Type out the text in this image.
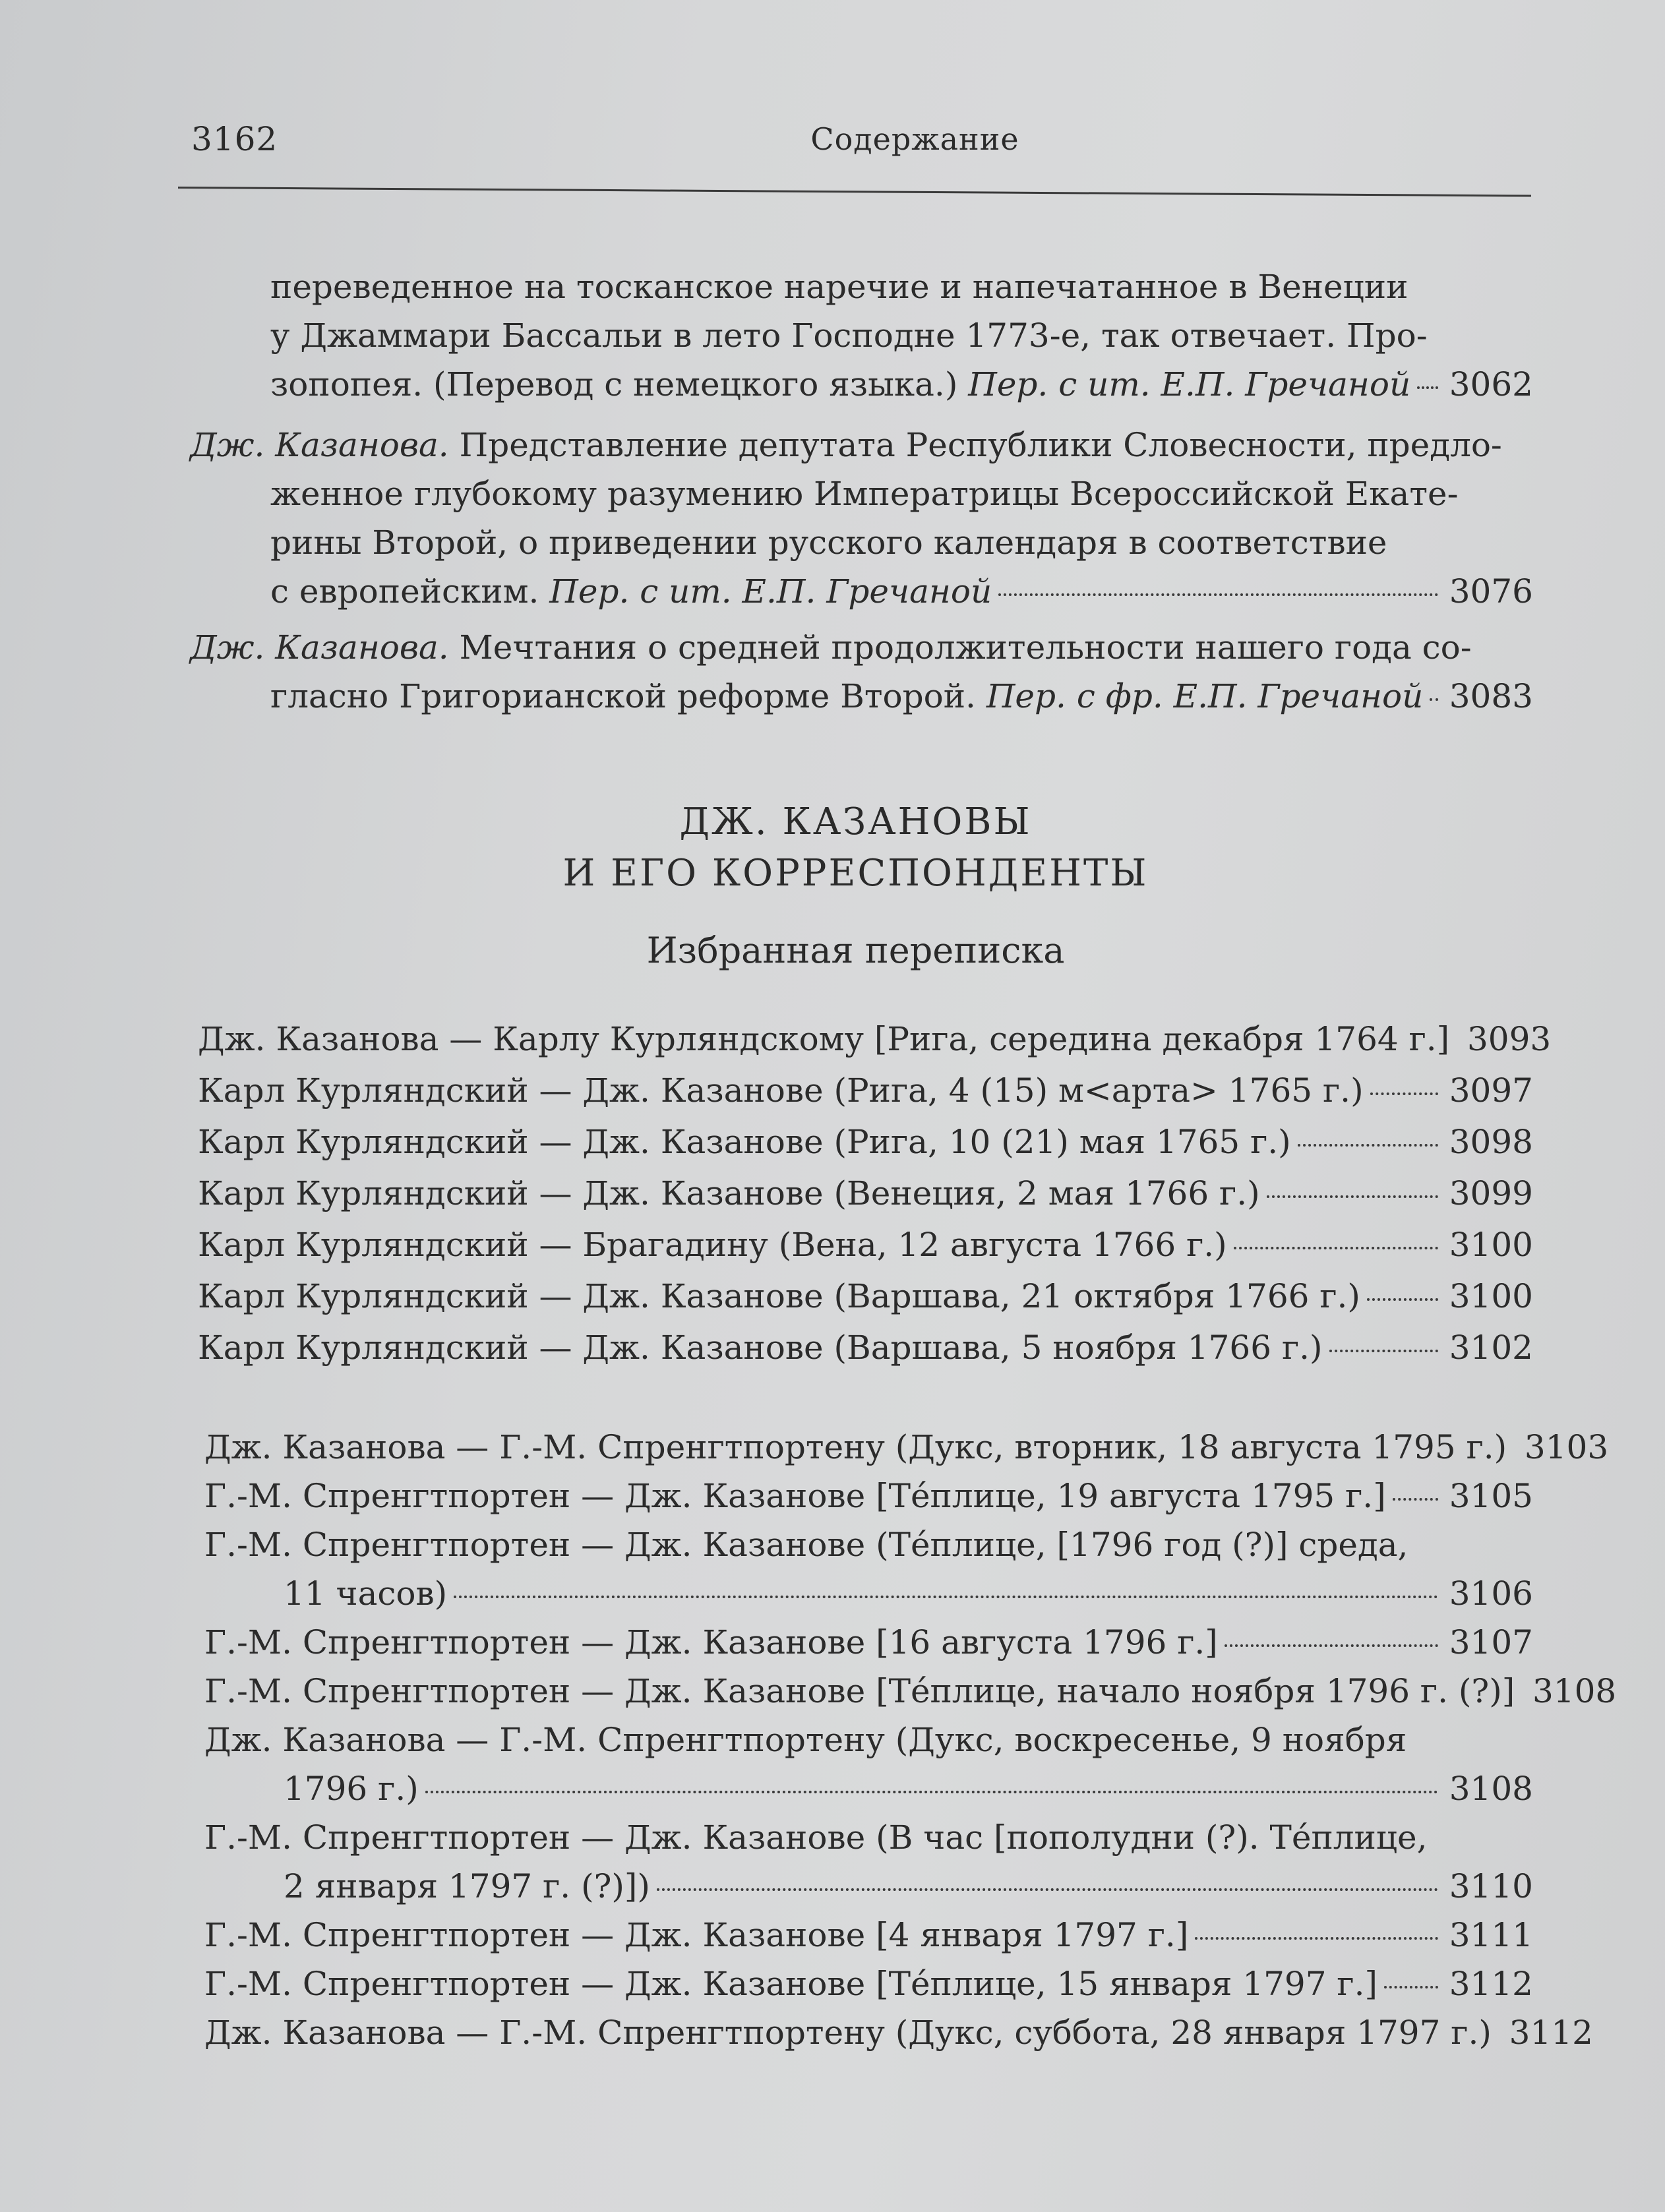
3162	Содержание
переведенное на тосканское наречие и напечатанное в Венеции
у Джаммари Бассальи в лето Господне 1773-е, так отвечает. Про-
зопопея. (Перевод с немецкого языка.) Пер. с ит. Е.П. Гречаной 3062
Дж. Казанова. Представление депутата Республики Словесности, предло-
женное глубокому разумению Императрицы Всероссийской Екате-
рины Второй, о приведении русского календаря в соответствие
с европейским. Пер. с ит. Е.П. Гречаной	3076
Дж. Казанова. Мечтания о средней продолжительности нашего года со-
гласно Григорианской реформе Второй. Пер. с фр. Е.П. Гречаной 3083
ДЖ. КАЗАНОВЫ
И ЕГО КОРРЕСПОНДЕНТЫ
Избранная переписка
Дж. Казанова — Карлу Курляндскому [Рига, середина декабря 1764 г.] 3093
Карл Курляндский — Дж. Казанове (Рига, 4 (15) м<арта> 1765 г.)	3097
Карл Курляндский — Дж. Казанове (Рига, 10 (21) мая 1765 г.)	3098
Карл Курляндский — Дж. Казанове (Венеция, 2 мая 1766 г.)	3099
Карл Курляндский — Брагадину (Вена, 12 августа 1766 г.)	3100
Карл Курляндский — Дж. Казанове (Варшава, 21 октября 1766 г.)	3100
Карл Курляндский — Дж. Казанове (Варшава, 5 ноября 1766 г.)	3102
Дж. Казанова — Г.-М. Спренгтпортену (Дукс, вторник, 18 августа 1795 г.) 3103
Г.-М. Спренгтпортен — Дж. Казанове [Те́плице, 19 августа 1795 г.] 3105
Г.-М. Спренгтпортен — Дж. Казанове (Те́плице, [1796 год (?)] среда,
11 часов)	3106
Г.-М. Спренгтпортен — Дж. Казанове [16 августа 1796 г.]	3107
Г.-М. Спренгтпортен — Дж. Казанове [Те́плице, начало ноября 1796 г. (?)] 3108
Дж. Казанова — Г.-М. Спренгтпортену (Дукс, воскресенье, 9 ноября
1796 г.)	3108
Г.-М. Спренгтпортен — Дж. Казанове (В час [пополудни (?). Те́плице,
2 января 1797 г. (?)])	3110
Г.-М. Спренгтпортен — Дж. Казанове [4 января 1797 г.]	3111
Г.-М. Спренгтпортен — Дж. Казанове [Те́плице, 15 января 1797 г.] 3112
Дж. Казанова — Г.-М. Спренгтпортену (Дукс, суббота, 28 января 1797 г.) 3112
